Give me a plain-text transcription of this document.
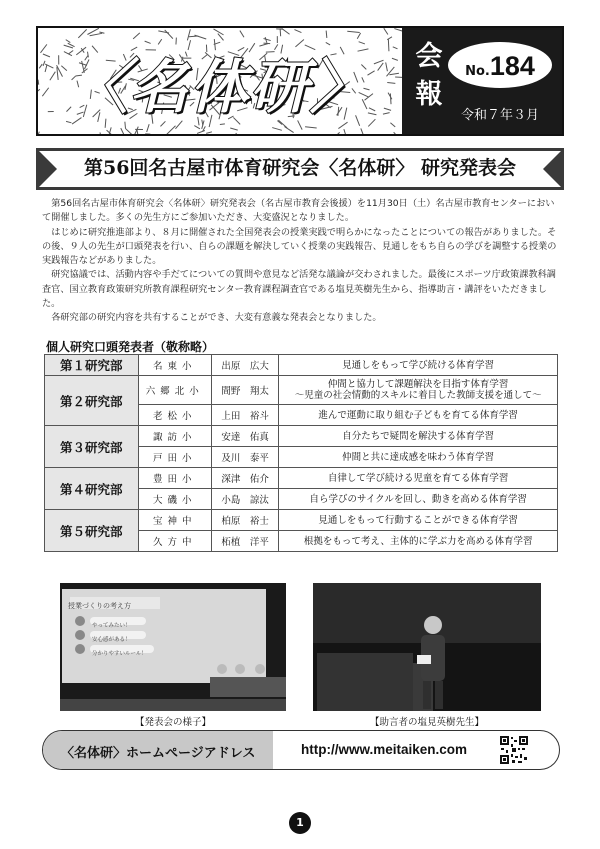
〈名体研〉	会
報
No.184
令和７年３月
第56回名古屋市体育研究会〈名体研〉 研究発表会

第56回名古屋市体育研究会〈名体研〉研究発表会（名古屋市教育会後援）を11月30日（土）名古屋市教育センターにおいて開催しました。多くの先生方にご参加いただき、大変盛況となりました。

はじめに研究推進部より、８月に開催された全国発表会の授業実践で明らかになったことについての報告がありました。その後、９人の先生が口頭発表を行い、自らの課題を解決していく授業の実践報告、見通しをもち自らの学びを調整する授業の実践報告などがありました。

研究協議では、活動内容や手だてについての質問や意見など活発な議論が交わされました。最後にスポーツ庁政策課教科調査官、国立教育政策研究所教育課程研究センター教育課程調査官である塩見英樹先生から、指導助言・講評をいただきました。

各研究部の研究内容を共有することができ、大変有意義な発表会となりました。

個人研究口頭発表者（敬称略）
第１研究部	名東小	出原　広大	見通しをもって学び続ける体育学習
第２研究部	六郷北小	間野　翔太	仲間と協力して課題解決を目指す体育学習
〜児童の社会情動的スキルに着目した教師支援を通して〜

	老松小	上田　裕斗	進んで運動に取り組む子どもを育てる体育学習
第３研究部	諏訪小	安達　佑真	自分たちで疑問を解決する体育学習
	戸田小	及川　泰平	仲間と共に達成感を味わう体育学習
第４研究部	豊田小	深津　佑介	自律して学び続ける児童を育てる体育学習
	大磯小	小島　諒汰	自ら学びのサイクルを回し、動きを高める体育学習
第５研究部	宝神中	柏原　裕士	見通しをもって行動することができる体育学習
	久方中	柘植　洋平	根拠をもって考え、主体的に学ぶ力を高める体育学習
授業づくりの考え方
やってみたい！
安心感がある！
分かりやすいルール！
【発表会の様子】	【助言者の塩見英樹先生】
〈名体研〉ホームページアドレス	http://www.meitaiken.com
1
